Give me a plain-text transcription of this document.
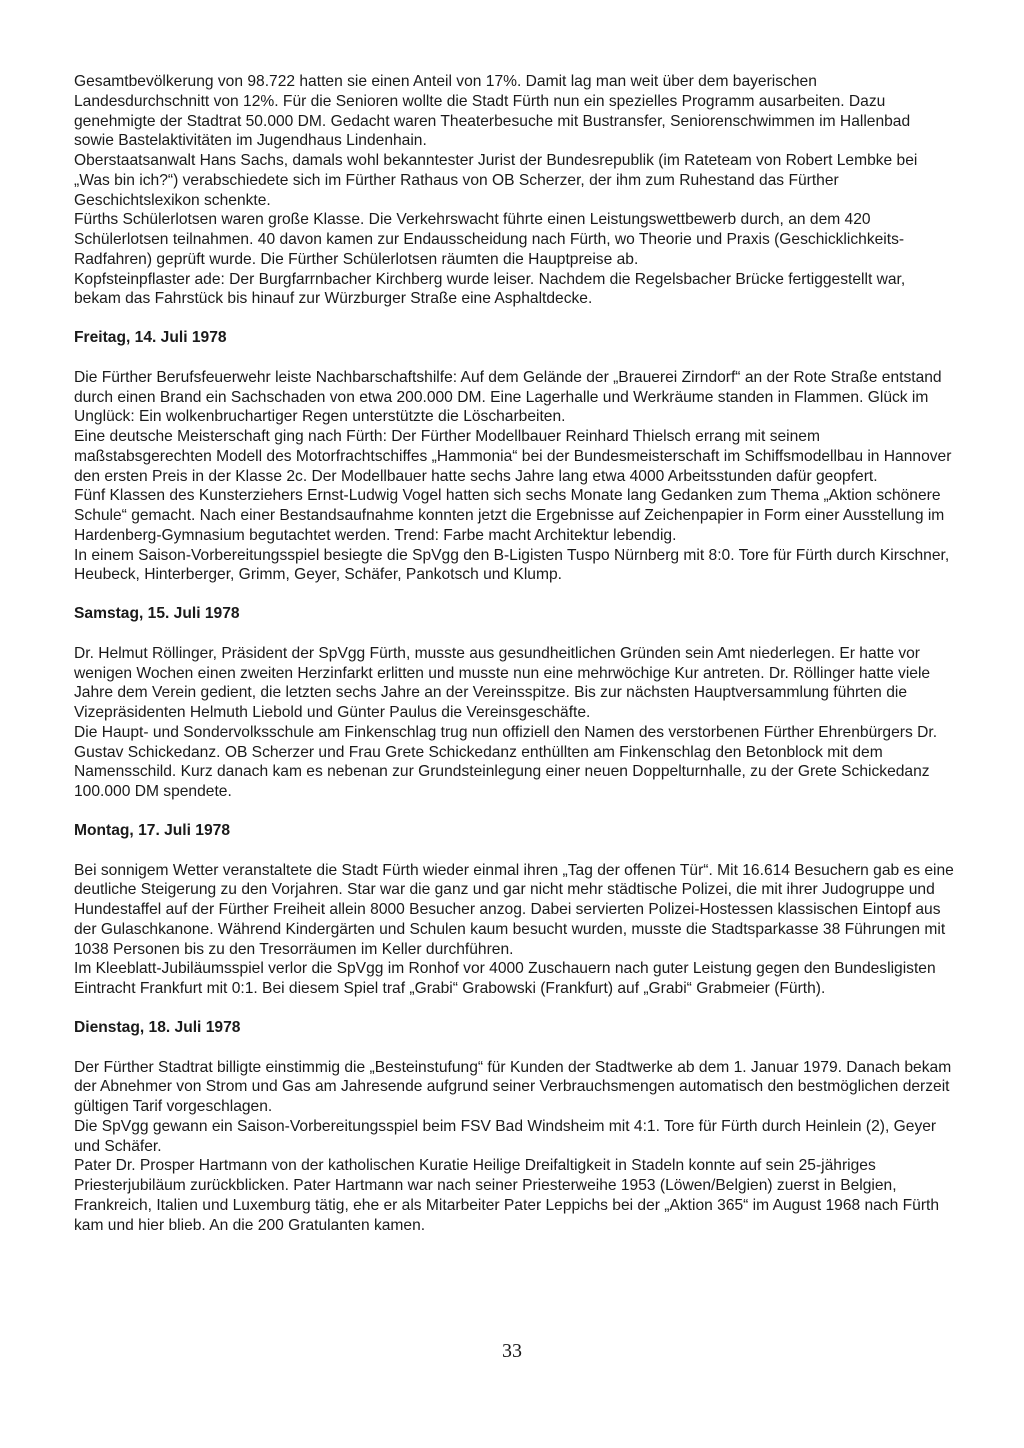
Gesamtbevölkerung von 98.722 hatten sie einen Anteil von 17%. Damit lag man weit über dem bayerischen Landesdurchschnitt von 12%. Für die Senioren wollte die Stadt Fürth nun ein spezielles Programm ausarbeiten. Dazu genehmigte der Stadtrat 50.000 DM. Gedacht waren Theaterbesuche mit Bustransfer, Seniorenschwimmen im Hallenbad sowie Bastelaktivitäten im Jugendhaus Lindenhain.

Oberstaatsanwalt Hans Sachs, damals wohl bekanntester Jurist der Bundesrepublik (im Rateteam von Robert Lembke bei „Was bin ich?“) verabschiedete sich im Fürther Rathaus von OB Scherzer, der ihm zum Ruhestand das Fürther Geschichtslexikon schenkte.

Fürths Schülerlotsen waren große Klasse. Die Verkehrswacht führte einen Leistungswettbewerb durch, an dem 420 Schülerlotsen teilnahmen. 40 davon kamen zur Endausscheidung nach Fürth, wo Theorie und Praxis (Geschicklichkeits-Radfahren) geprüft wurde. Die Fürther Schülerlotsen räumten die Hauptpreise ab.

Kopfsteinpflaster ade: Der Burgfarrnbacher Kirchberg wurde leiser. Nachdem die Regelsbacher Brücke fertiggestellt war, bekam das Fahrstück bis hinauf zur Würzburger Straße eine Asphaltdecke.

Freitag, 14. Juli 1978

Die Fürther Berufsfeuerwehr leiste Nachbarschaftshilfe: Auf dem Gelände der „Brauerei Zirndorf“ an der Rote Straße entstand durch einen Brand ein Sachschaden von etwa 200.000 DM. Eine Lagerhalle und Werkräume standen in Flammen. Glück im Unglück: Ein wolkenbruchartiger Regen unterstützte die Löscharbeiten.

Eine deutsche Meisterschaft ging nach Fürth: Der Fürther Modellbauer Reinhard Thielsch errang mit seinem maßstabsgerechten Modell des Motorfrachtschiffes „Hammonia“ bei der Bundesmeisterschaft im Schiffsmodellbau in Hannover den ersten Preis in der Klasse 2c. Der Modellbauer hatte sechs Jahre lang etwa 4000 Arbeitsstunden dafür geopfert.

Fünf Klassen des Kunsterziehers Ernst-Ludwig Vogel hatten sich sechs Monate lang Gedanken zum Thema „Aktion schönere Schule“ gemacht. Nach einer Bestandsaufnahme konnten jetzt die Ergebnisse auf Zeichenpapier in Form einer Ausstellung im Hardenberg-Gymnasium begutachtet werden. Trend: Farbe macht Architektur lebendig.

In einem Saison-Vorbereitungsspiel besiegte die SpVgg den B-Ligisten Tuspo Nürnberg mit 8:0. Tore für Fürth durch Kirschner, Heubeck, Hinterberger, Grimm, Geyer, Schäfer, Pankotsch und Klump.

Samstag, 15. Juli 1978

Dr. Helmut Röllinger, Präsident der SpVgg Fürth, musste aus gesundheitlichen Gründen sein Amt niederlegen. Er hatte vor wenigen Wochen einen zweiten Herzinfarkt erlitten und musste nun eine mehrwöchige Kur antreten. Dr. Röllinger hatte viele Jahre dem Verein gedient, die letzten sechs Jahre an der Vereinsspitze. Bis zur nächsten Hauptversammlung führten die Vizepräsidenten Helmuth Liebold und Günter Paulus die Vereinsgeschäfte.

Die Haupt- und Sondervolksschule am Finkenschlag trug nun offiziell den Namen des verstorbenen Fürther Ehrenbürgers Dr. Gustav Schickedanz. OB Scherzer und Frau Grete Schickedanz enthüllten am Finkenschlag den Betonblock mit dem Namensschild. Kurz danach kam es nebenan zur Grundsteinlegung einer neuen Doppelturnhalle, zu der Grete Schickedanz 100.000 DM spendete.

Montag, 17. Juli 1978

Bei sonnigem Wetter veranstaltete die Stadt Fürth wieder einmal ihren „Tag der offenen Tür“. Mit 16.614 Besuchern gab es eine deutliche Steigerung zu den Vorjahren. Star war die ganz und gar nicht mehr städtische Polizei, die mit ihrer Judogruppe und Hundestaffel auf der Fürther Freiheit allein 8000 Besucher anzog. Dabei servierten Polizei-Hostessen klassischen Eintopf aus der Gulaschkanone. Während Kindergärten und Schulen kaum besucht wurden, musste die Stadtsparkasse 38 Führungen mit 1038 Personen bis zu den Tresorräumen im Keller durchführen.

Im Kleeblatt-Jubiläumsspiel verlor die SpVgg im Ronhof vor 4000 Zuschauern nach guter Leistung gegen den Bundesligisten Eintracht Frankfurt mit 0:1. Bei diesem Spiel traf „Grabi“ Grabowski (Frankfurt) auf „Grabi“ Grabmeier (Fürth).

Dienstag, 18. Juli 1978

Der Fürther Stadtrat billigte einstimmig die „Besteinstufung“ für Kunden der Stadtwerke ab dem 1. Januar 1979. Danach bekam der Abnehmer von Strom und Gas am Jahresende aufgrund seiner Verbrauchsmengen automatisch den bestmöglichen derzeit gültigen Tarif vorgeschlagen.

Die SpVgg gewann ein Saison-Vorbereitungsspiel beim FSV Bad Windsheim mit 4:1. Tore für Fürth durch Heinlein (2), Geyer und Schäfer.

Pater Dr. Prosper Hartmann von der katholischen Kuratie Heilige Dreifaltigkeit in Stadeln konnte auf sein 25-jähriges Priesterjubiläum zurückblicken. Pater Hartmann war nach seiner Priesterweihe 1953 (Löwen/Belgien) zuerst in Belgien, Frankreich, Italien und Luxemburg tätig, ehe er als Mitarbeiter Pater Leppichs bei der „Aktion 365“ im August 1968 nach Fürth kam und hier blieb. An die 200 Gratulanten kamen.

33
